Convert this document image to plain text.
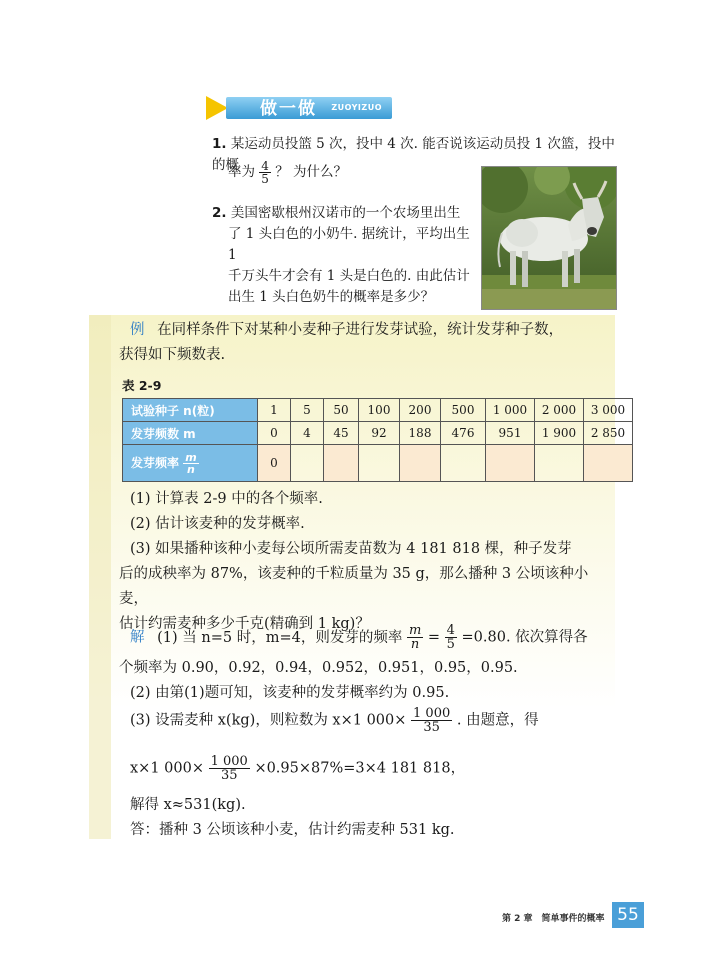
做一做 ZUOYIZUO
1. 某运动员投篮 5 次，投中 4 次. 能否说该运动员投 1 次篮，投中的概
率为 $\frac{4}{5}$ ？ 为什么？
2. 美国密歇根州汉诺市的一个农场里出生
了 1 头白色的小奶牛. 据统计，平均出生 1
千万头牛才会有 1 头是白色的. 由此估计
出生 1 头白色奶牛的概率是多少？
例 在同样条件下对某种小麦种子进行发芽试验，统计发芽种子数，
获得如下频数表.
表 2-9
试验种子 n(粒)	1	5	50	100	200	500	1 000	2 000	3 000
发芽频数 m	0	4	45	92	188	476	951	1 900	2 850
发芽频率 $\frac{m}{n}$	0								
(1) 计算表 2-9 中的各个频率.
(2) 估计该麦种的发芽概率.
(3) 如果播种该种小麦每公顷所需麦苗数为 4 181 818 棵，种子发芽
后的成秧率为 87%，该麦种的千粒质量为 35 g，那么播种 3 公顷该种小麦，
估计约需麦种多少千克(精确到 1 kg)？
解 (1) 当 n=5 时，m=4，则发芽的频率 $\frac{m}{n} = \frac{4}{5} =0.80$. 依次算得各
个频率为 0.90，0.92，0.94，0.952，0.951，0.95，0.95.
(2) 由第(1)题可知，该麦种的发芽概率约为 0.95.
(3) 设需麦种 x(kg)，则粒数为 x×1 $000\times \frac{1 000}{35}$ . 由题意，得
x×1 $000\times \frac{1 000}{35} \times 0.95\times 87\%=3\times 4$ 181 818，
解得 x≈531(kg).
答：播种 3 公顷该种小麦，估计约需麦种 531 kg.
第 2 章　简单事件的概率 55
